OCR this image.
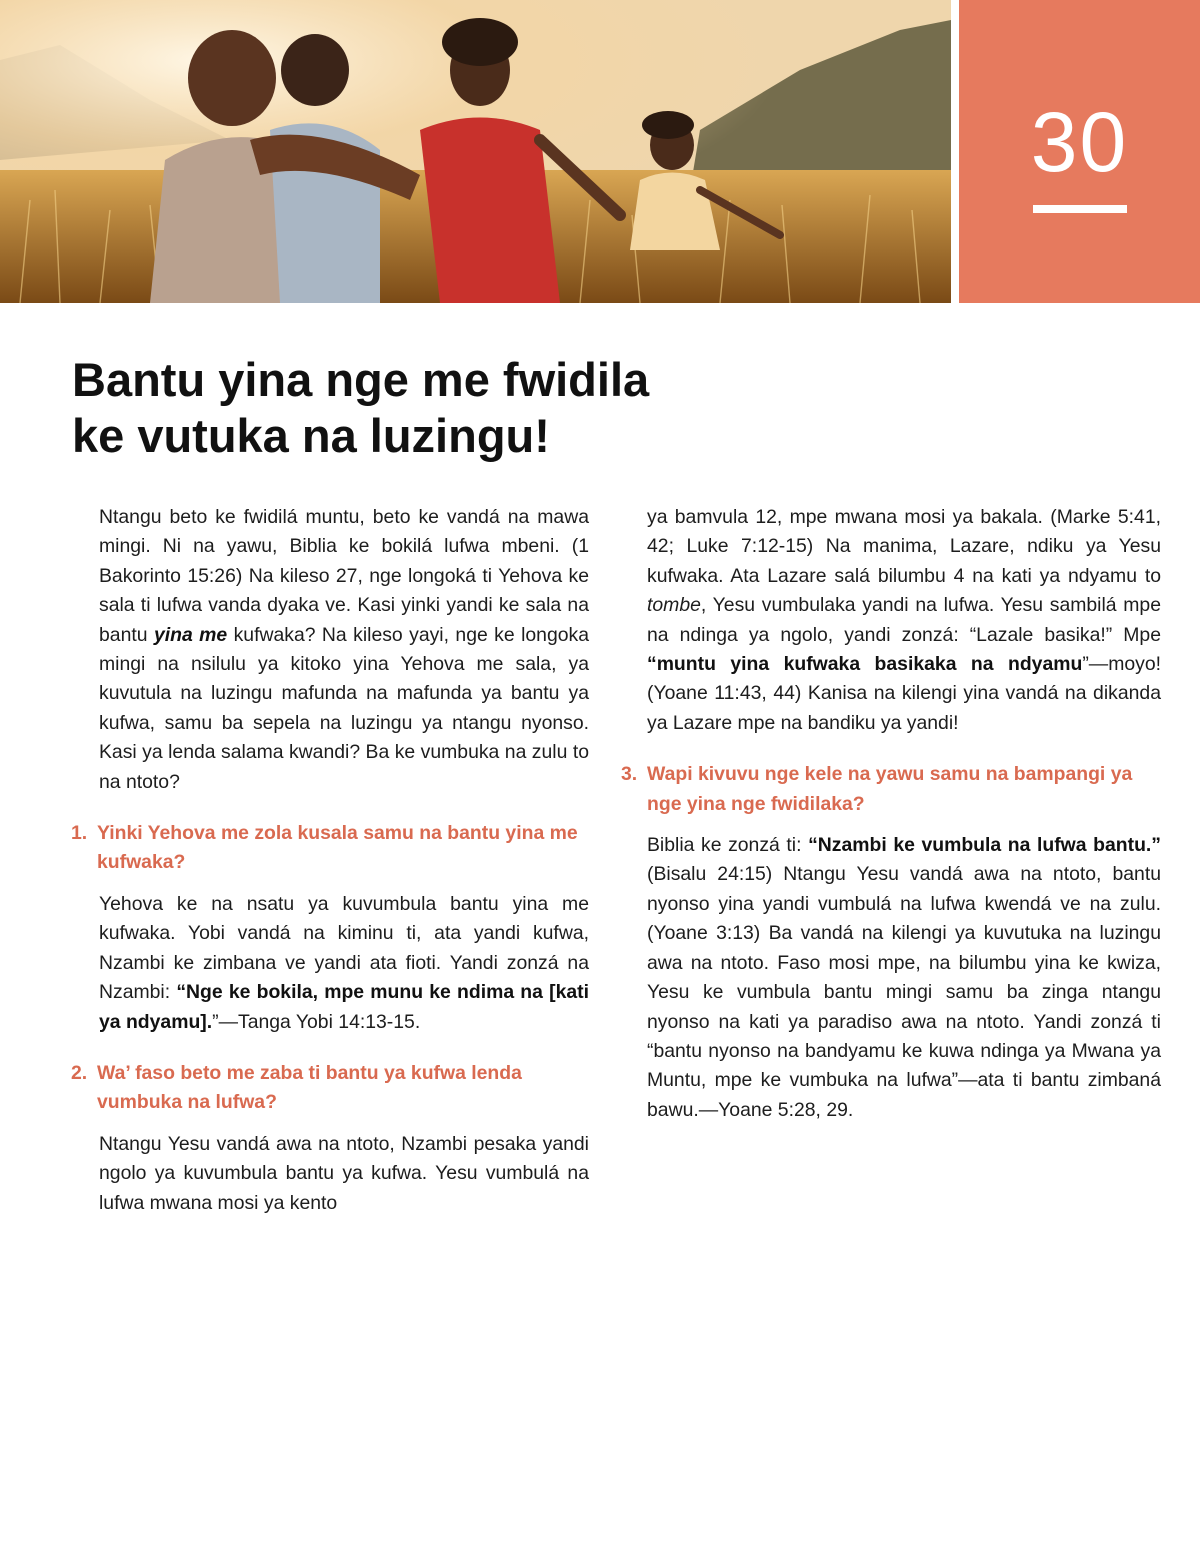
30
Bantu yina nge me fwidila
ke vutuka na luzingu!

Ntangu beto ke fwidilá muntu, beto ke vandá na mawa mingi. Ni na yawu, Biblia ke bokilá lufwa mbeni. (1 Bakorinto 15:26) Na kileso 27, nge longoká ti Yehova ke sala ti lufwa vanda dyaka ve. Kasi yinki yandi ke sala na bantu yina me kufwaka? Na kileso yayi, nge ke longoka mingi na nsilulu ya kitoko yina Yehova me sala, ya kuvutula na luzingu mafunda na mafunda ya bantu ya kufwa, samu ba sepela na luzingu ya ntangu nyonso. Kasi ya lenda salama kwandi? Ba ke vumbuka na zulu to na ntoto?

1. Yinki Yehova me zola kusala samu na bantu yina me kufwaka?

Yehova ke na nsatu ya kuvumbula bantu yina me kufwaka. Yobi vandá na kiminu ti, ata yandi kufwa, Nzambi ke zimbana ve yandi ata fioti. Yandi zonzá na Nzambi: “Nge ke bokila, mpe munu ke ndima na [kati ya ndyamu].”—Tanga Yobi 14:13-15.

2. Wa’ faso beto me zaba ti bantu ya kufwa lenda vumbuka na lufwa?

Ntangu Yesu vandá awa na ntoto, Nzambi pesaka yandi ngolo ya kuvumbula bantu ya kufwa. Yesu vumbulá na lufwa mwana mosi ya kento

ya bamvula 12, mpe mwana mosi ya bakala. (Marke 5:41, 42; Luke 7:12-15) Na manima, Lazare, ndiku ya Yesu kufwaka. Ata Lazare salá bilumbu 4 na kati ya ndyamu to tombe, Yesu vumbulaka yandi na lufwa. Yesu sambilá mpe na ndinga ya ngolo, yandi zonzá: “Lazale basika!” Mpe “muntu yina kufwaka basikaka na ndyamu”—moyo! (Yoane 11:43, 44) Kanisa na kilengi yina vandá na dikanda ya Lazare mpe na bandiku ya yandi!

3. Wapi kivuvu nge kele na yawu samu na bampangi ya nge yina nge fwidilaka?

Biblia ke zonzá ti: “Nzambi ke vumbula na lufwa bantu.” (Bisalu 24:15) Ntangu Yesu vandá awa na ntoto, bantu nyonso yina yandi vumbulá na lufwa kwendá ve na zulu. (Yoane 3:13) Ba vandá na kilengi ya kuvutuka na luzingu awa na ntoto. Faso mosi mpe, na bilumbu yina ke kwiza, Yesu ke vumbula bantu mingi samu ba zinga ntangu nyonso na kati ya paradiso awa na ntoto. Yandi zonzá ti “bantu nyonso na bandyamu ke kuwa ndinga ya Mwana ya Muntu, mpe ke vumbuka na lufwa”—ata ti bantu zimbaná bawu.—Yoane 5:28, 29.
